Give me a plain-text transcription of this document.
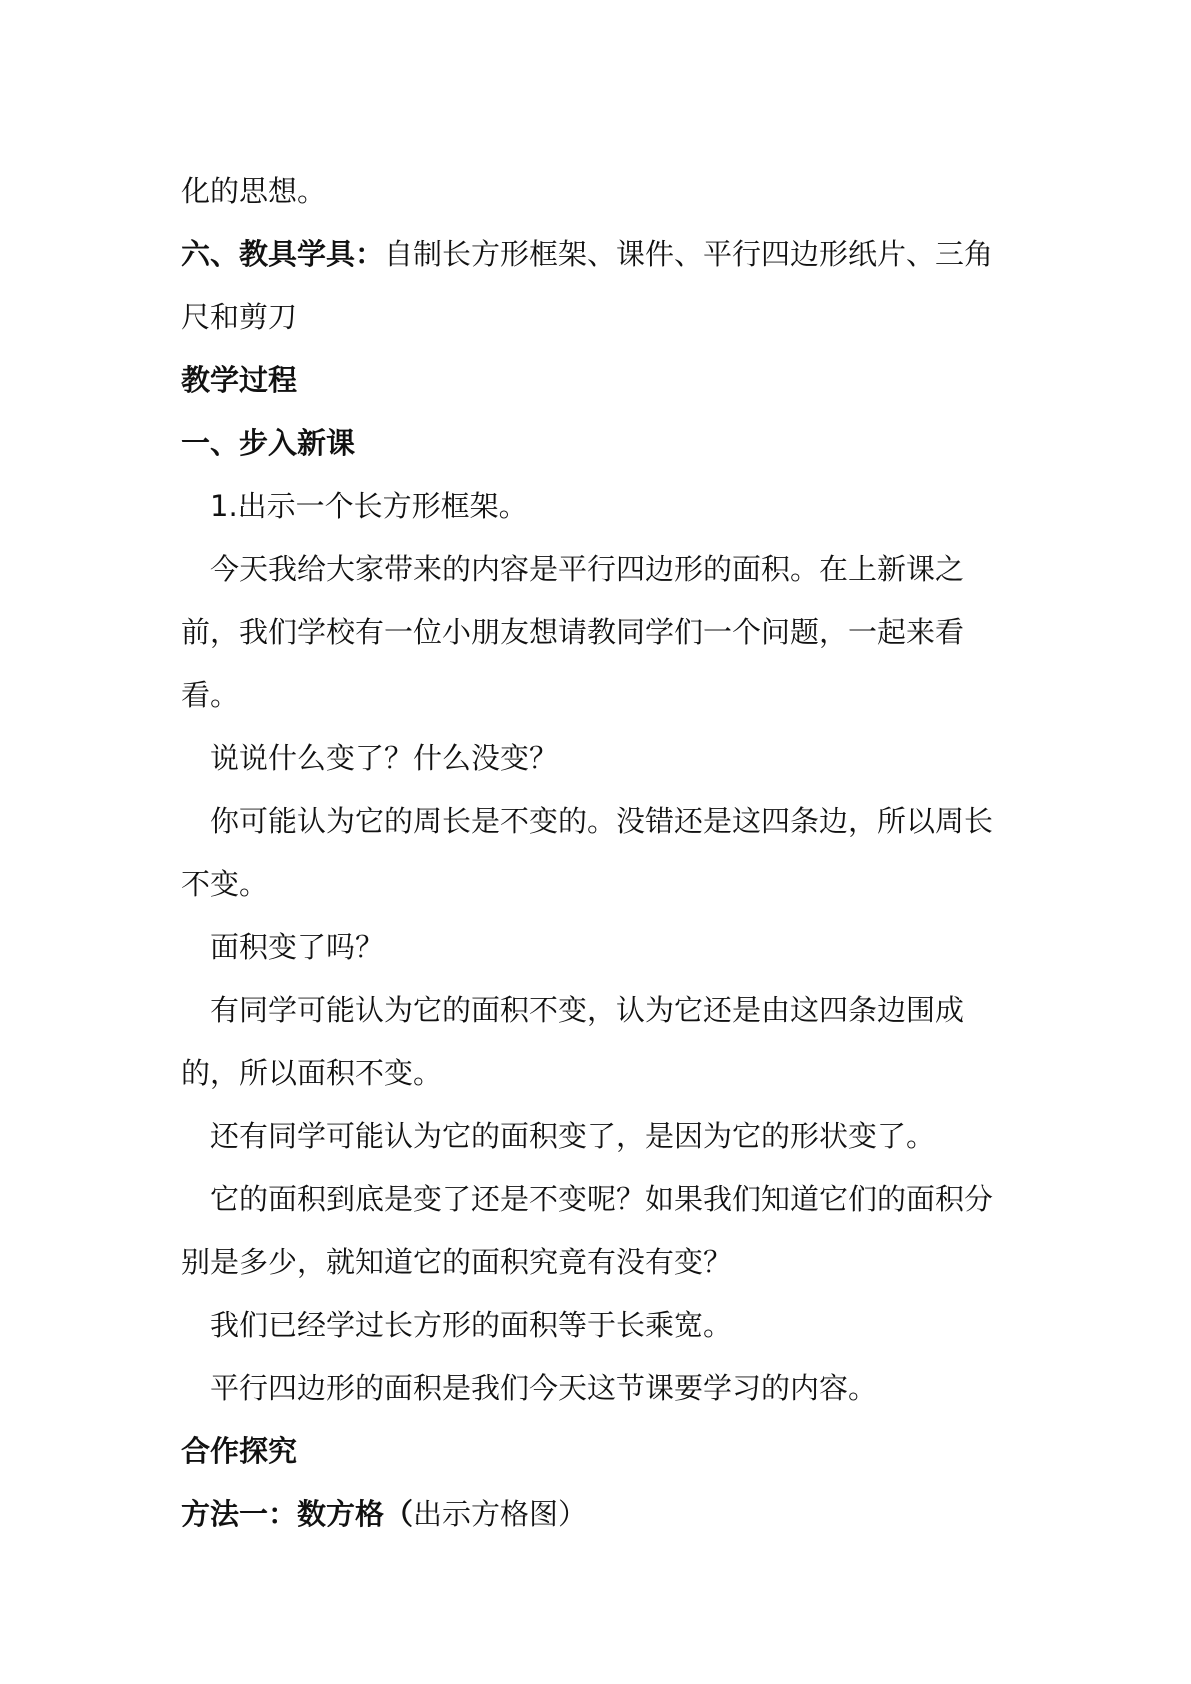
化的思想。

六、教具学具：自制长方形框架、课件、平行四边形纸片、三角尺和剪刀

教学过程

一、步入新课

1.出示一个长方形框架。

今天我给大家带来的内容是平行四边形的面积。在上新课之前，我们学校有一位小朋友想请教同学们一个问题，一起来看看。

说说什么变了？什么没变？

你可能认为它的周长是不变的。没错还是这四条边，所以周长不变。

面积变了吗？

有同学可能认为它的面积不变，认为它还是由这四条边围成的，所以面积不变。

还有同学可能认为它的面积变了，是因为它的形状变了。

它的面积到底是变了还是不变呢？如果我们知道它们的面积分别是多少，就知道它的面积究竟有没有变？

我们已经学过长方形的面积等于长乘宽。

平行四边形的面积是我们今天这节课要学习的内容。

合作探究

方法一：数方格（出示方格图）
